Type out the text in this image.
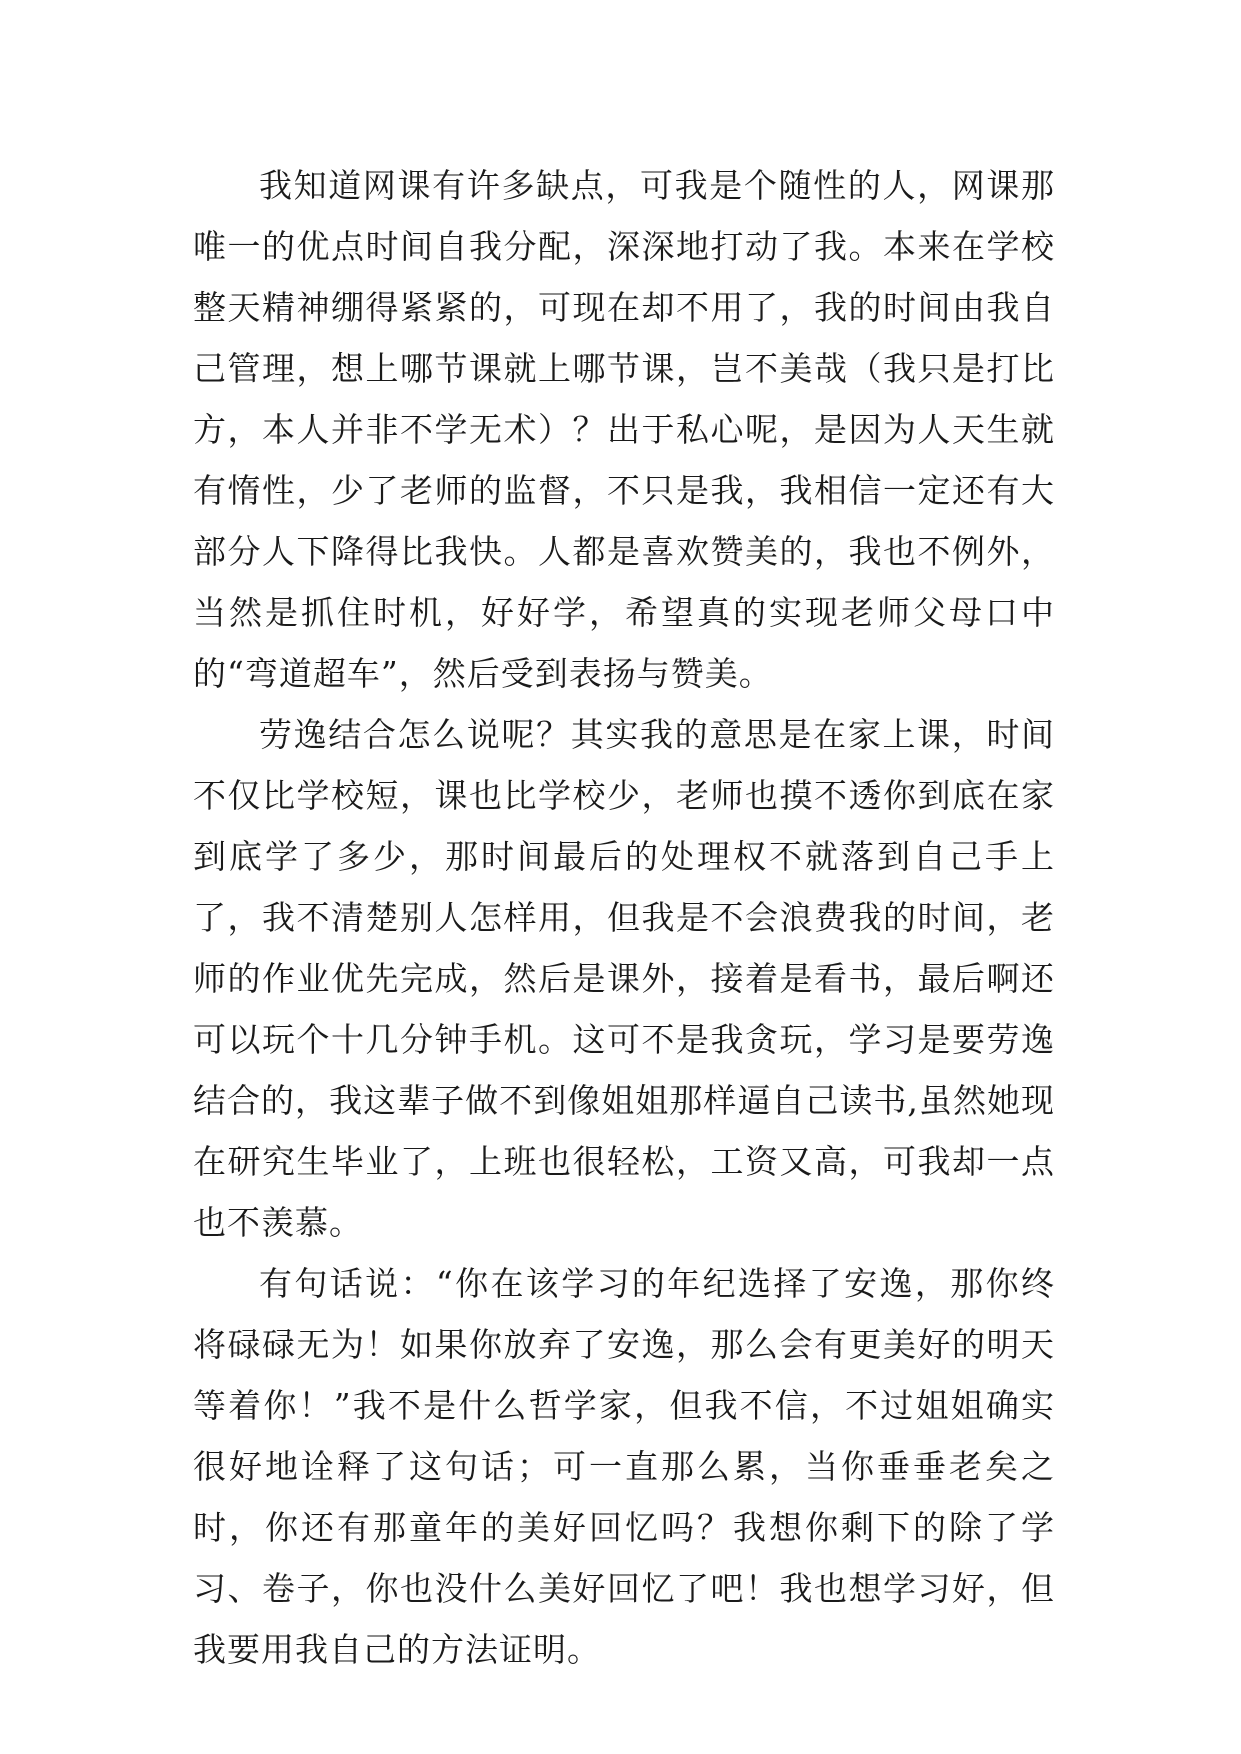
我知道网课有许多缺点，可我是个随性的人，网课那唯一的优点时间自我分配，深深地打动了我。本来在学校整天精神绷得紧紧的，可现在却不用了，我的时间由我自己管理，想上哪节课就上哪节课，岂不美哉（我只是打比方，本人并非不学无术）？出于私心呢，是因为人天生就有惰性，少了老师的监督，不只是我，我相信一定还有大部分人下降得比我快。人都是喜欢赞美的，我也不例外，当然是抓住时机，好好学，希望真的实现老师父母口中的“弯道超车”，然后受到表扬与赞美。

劳逸结合怎么说呢？其实我的意思是在家上课，时间不仅比学校短，课也比学校少，老师也摸不透你到底在家到底学了多少，那时间最后的处理权不就落到自己手上了，我不清楚别人怎样用，但我是不会浪费我的时间，老师的作业优先完成，然后是课外，接着是看书，最后啊还可以玩个十几分钟手机。这可不是我贪玩，学习是要劳逸结合的，我这辈子做不到像姐姐那样逼自己读书,虽然她现在研究生毕业了，上班也很轻松，工资又高，可我却一点也不羡慕。

有句话说：“你在该学习的年纪选择了安逸，那你终将碌碌无为！如果你放弃了安逸，那么会有更美好的明天等着你！”我不是什么哲学家，但我不信，不过姐姐确实很好地诠释了这句话；可一直那么累，当你垂垂老矣之时，你还有那童年的美好回忆吗？我想你剩下的除了学习、卷子，你也没什么美好回忆了吧！我也想学习好，但我要用我自己的方法证明。
